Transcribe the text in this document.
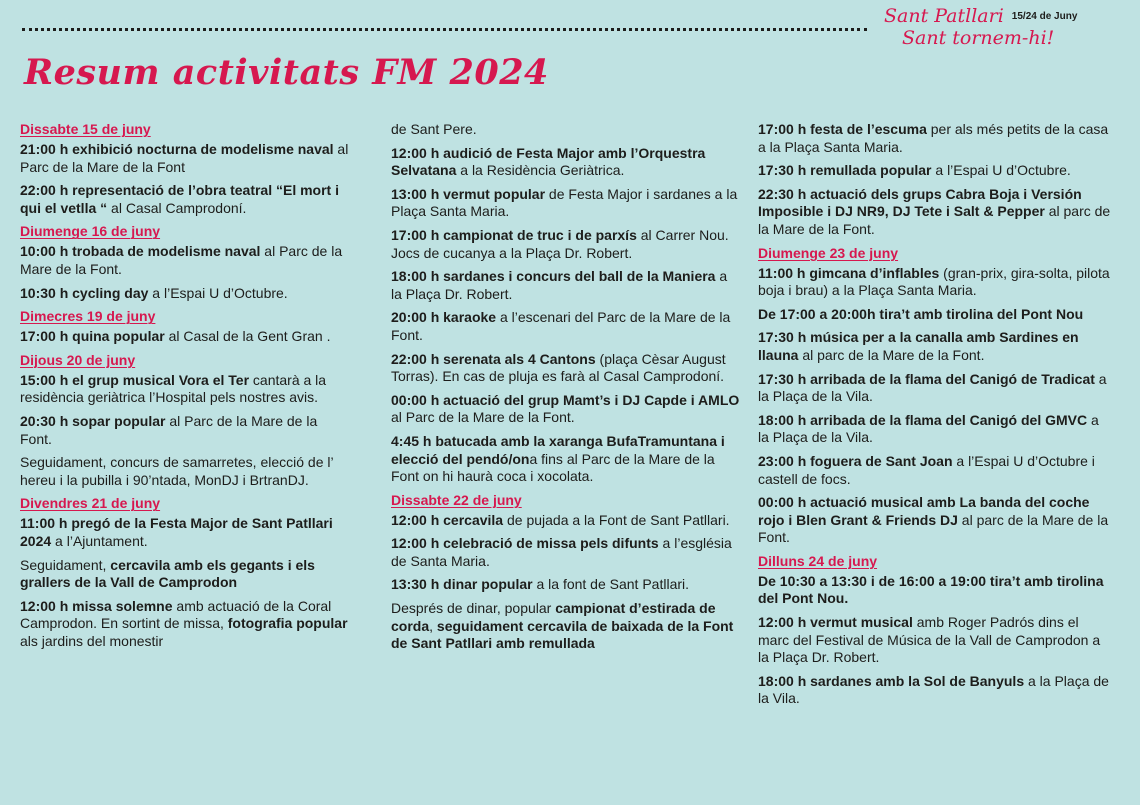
Sant Patllari 15/24 de Juny
Sant tornem-hi!
Resum activitats FM 2024
Dissabte 15 de juny
21:00 h exhibició nocturna de modelisme naval al Parc de la Mare de la Font
22:00 h representació de l’obra teatral “El mort i qui el vetlla “ al Casal Camprodoní.
Diumenge 16 de juny
10:00 h trobada de modelisme naval al Parc de la Mare de la Font.
10:30 h cycling day a l’Espai U d’Octubre.
Dimecres 19 de juny
17:00 h quina popular al Casal de la Gent Gran .
Dijous 20 de juny
15:00 h el grup musical Vora el Ter cantarà a la residència geriàtrica l’Hospital pels nostres avis.
20:30 h sopar popular al Parc de la Mare de la Font.
Seguidament, concurs de samarretes, elecció de l’ hereu i la pubilla i 90’ntada, MonDJ i BrtranDJ.
Divendres 21 de juny
11:00 h pregó de la Festa Major de Sant Patllari 2024 a l’Ajuntament.
Seguidament, cercavila amb els gegants i els grallers de la Vall de Camprodon
12:00 h missa solemne amb actuació de la Coral Camprodon. En sortint de missa, fotografia popular als jardins del monestir
de Sant Pere.
12:00 h audició de Festa Major amb l’Orquestra Selvatana a la Residència Geriàtrica.
13:00 h vermut popular de Festa Major i sardanes a la Plaça Santa Maria.
17:00 h campionat de truc i de parxís al Carrer Nou. Jocs de cucanya a la Plaça Dr. Robert.
18:00 h sardanes i concurs del ball de la Maniera a la Plaça Dr. Robert.
20:00 h karaoke a l’escenari del Parc de la Mare de la Font.
22:00 h serenata als 4 Cantons (plaça Cèsar August Torras). En cas de pluja es farà al Casal Camprodoní.
00:00 h actuació del grup Mamt’s i DJ Capde i AMLO al Parc de la Mare de la Font.
4:45 h batucada amb la xaranga BufaTramuntana i elecció del pendó/ona fins al Parc de la Mare de la Font on hi haurà coca i xocolata.
Dissabte 22 de juny
12:00 h cercavila de pujada a la Font de Sant Patllari.
12:00 h celebració de missa pels difunts a l’església de Santa Maria.
13:30 h dinar popular a la font de Sant Patllari.
Després de dinar, popular campionat d’estirada de corda, seguidament cercavila de baixada de la Font de Sant Patllari amb remullada
17:00 h festa de l’escuma per als més petits de la casa a la Plaça Santa Maria.
17:30 h remullada popular a l’Espai U d’Octubre.
22:30 h actuació dels grups Cabra Boja i Versión Imposible i DJ NR9, DJ Tete i Salt & Pepper al parc de la Mare de la Font.
Diumenge 23 de juny
11:00 h gimcana d’inflables (gran-prix, gira-solta, pilota boja i brau) a la Plaça Santa Maria.
De 17:00 a 20:00h tira’t amb tirolina del Pont Nou
17:30 h música per a la canalla amb Sardines en llauna al parc de la Mare de la Font.
17:30 h arribada de la flama del Canigó de Tradicat a la Plaça de la Vila.
18:00 h arribada de la flama del Canigó del GMVC a la Plaça de la Vila.
23:00 h foguera de Sant Joan a l’Espai U d’Octubre i castell de focs.
00:00 h actuació musical amb La banda del coche rojo i Blen Grant & Friends DJ al parc de la Mare de la Font.
Dilluns 24 de juny
De 10:30 a 13:30 i de 16:00 a 19:00 tira’t amb tirolina del Pont Nou.
12:00 h vermut musical amb Roger Padrós dins el marc del Festival de Música de la Vall de Camprodon a la Plaça Dr. Robert.
18:00 h sardanes amb la Sol de Banyuls a la Plaça de la Vila.
